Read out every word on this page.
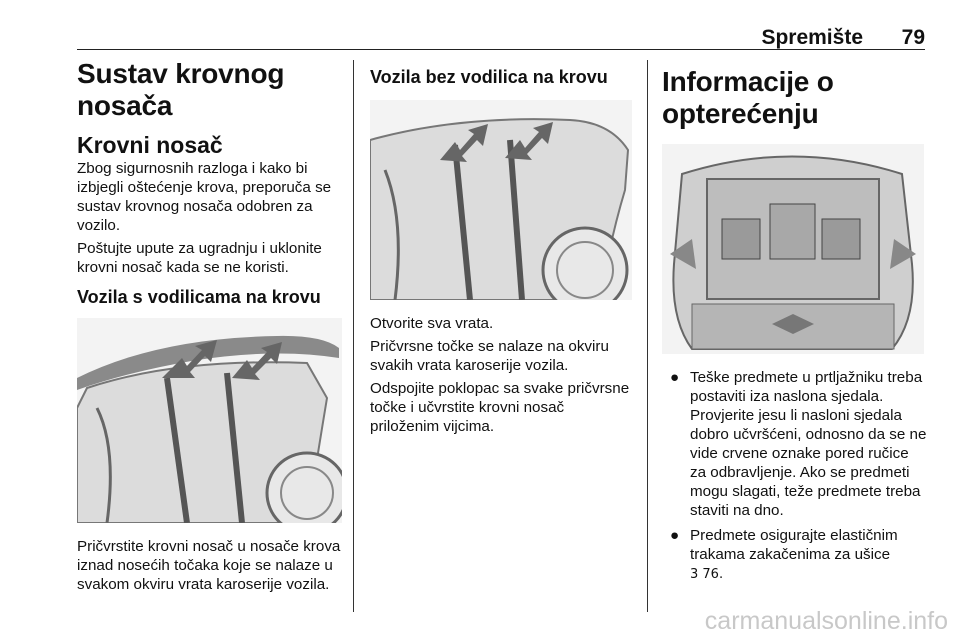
Spremište 79
Sustav krovnog nosača
Krovni nosač

Zbog sigurnosnih razloga i kako bi izbjegli oštećenje krova, preporuča se sustav krovnog nosača odobren za vozilo.

Poštujte upute za ugradnju i uklonite krovni nosač kada se ne koristi.

Vozila s vodilicama na krovu

Pričvrstite krovni nosač u nosače krova iznad nosećih točaka koje se nalaze u svakom okviru vrata karoserije vozila.

Vozila bez vodilica na krovu

Otvorite sva vrata.

Pričvrsne točke se nalaze na okviru svakih vrata karoserije vozila.

Odspojite poklopac sa svake pričvrsne točke i učvrstite krovni nosač priloženim vijcima.

Informacije o opterećenju
● Teške predmete u prtljažniku treba postaviti iza naslona sjedala. Provjerite jesu li nasloni sjedala dobro učvršćeni, odnosno da se ne vide crvene oznake pored ručice za odbravljenje. Ako se predmeti mogu slagati, teže predmete treba staviti na dno.
● Predmete osigurajte elastičnim trakama zakačenima za ušice
3 76.
carmanualsonline.info
